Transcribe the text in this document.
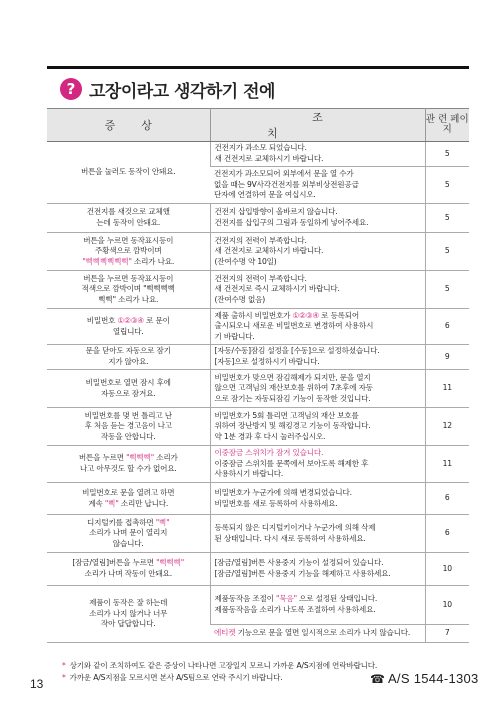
? 고장이라고 생각하기 전에
증상	조치	관 련 페이지

버튼을 눌러도 동작이 안돼요.	건전지가 과소모 되었습니다.
새 건전지로 교체하시기 바랍니다.	5

	건전지가 과소모되어 외부에서 문을 열 수가
없을 때는 9V사각건전지를 외부비상전원공급
단자에 연결하여 문을 여십시오.	5

건전지를 새것으로 교체했
는데 동작이 안돼요.	건전지 삽입방향이 올바르지 않습니다.
건전지를 삽입구의 그림과 동일하게 넣어주세요.	5

버튼을 누르면 동작표시등이
주황색으로 깜박이며
"삑삑삑삑삑삑" 소리가 나요.	건전지의 전력이 부족합니다.
새 건전지로 교체하시기 바랍니다.
(잔여수명 약 10일)	5

버튼을 누르면 동작표시등이
적색으로 깜박이며 "삑삑삑삑
삑삑" 소리가 나요.	건전지의 전력이 부족합니다.
새 건전지로 즉시 교체하시기 바랍니다.
(잔여수명 없음)	5

비밀번호 ①②③④ 로 문이
열립니다.	제품 출하시 비밀번호가 ①②③④ 로 등록되어
출시되오니 새로운 비밀번호로 변경하여 사용하시
기 바랍니다.	6

문을 닫아도 자동으로 잠기
지가 않아요.	[자동/수동]잠김 설정을 [수동]으로 설정하셨습니다.
[자동]으로 설정하시기 바랍니다.	9

비밀번호로 열면 잠시 후에
자동으로 잠겨요.	비밀번호가 맞으면 잠김해제가 되지만, 문을 열지
않으면 고객님의 재산보호를 위하여 7초후에 자동
으로 잠기는 자동되잠김 기능이 동작한 것입니다.	11

비밀번호를 몇 번 틀리고 난
후 처음 듣는 경고음이 나고
작동을 안합니다.	비밀번호가 5회 틀리면 고객님의 재산 보호를
위하여 장난방지 및 해킹경고 기능이 동작합니다.
약 1분 경과 후 다시 눌러주십시오.	12

버튼을 누르면 "삑삑삑" 소리가
나고 아무것도 할 수가 없어요.	이중잠금 스위치가 잠겨 있습니다.
이중잠금 스위치를 문쪽에서 보아도록 해제한 후
사용하시기 바랍니다.	11

비밀번호로 문을 열려고 하면
계속 "삑" 소리만 납니다.	비밀번호가 누군가에 의해 변경되었습니다.
비밀번호를 새로 등록하여 사용하세요.	6

디지털키를 접촉하면 "삑"
소리가 나며 문이 열리지
않습니다.	등록되지 않은 디지털키이거나 누군가에 의해 삭제
된 상태입니다. 다시 새로 등록하여 사용하세요.	6

[잠금/열림]버튼을 누르면 "삑삑삑"
소리가 나며 작동이 안돼요.	[잠금/열림]버튼 사용중지 기능이 설정되어 있습니다.
[잠금/열림]버튼 사용중지 기능을 해제하고 사용하세요.	10

제품이 동작은 잘 하는데
소리가 나지 않거나 너무
작아 답답합니다.	제품동작음 조절이 "묵음" 으로 설정된 상태입니다.
제품동작음을 소리가 나도록 조절하여 사용하세요.	10

	에티켓 기능으로 문을 열면 일시적으로 소리가 나지 않습니다.	7
* 상기와 같이 조치하여도 같은 증상이 나타나면 고장일지 모르니 가까운 A/S지점에 연락바랍니다.
* 가까운 A/S지점을 모르시면 본사 A/S팀으로 연락 주시기 바랍니다.	☎ A/S 1544-1303
13
